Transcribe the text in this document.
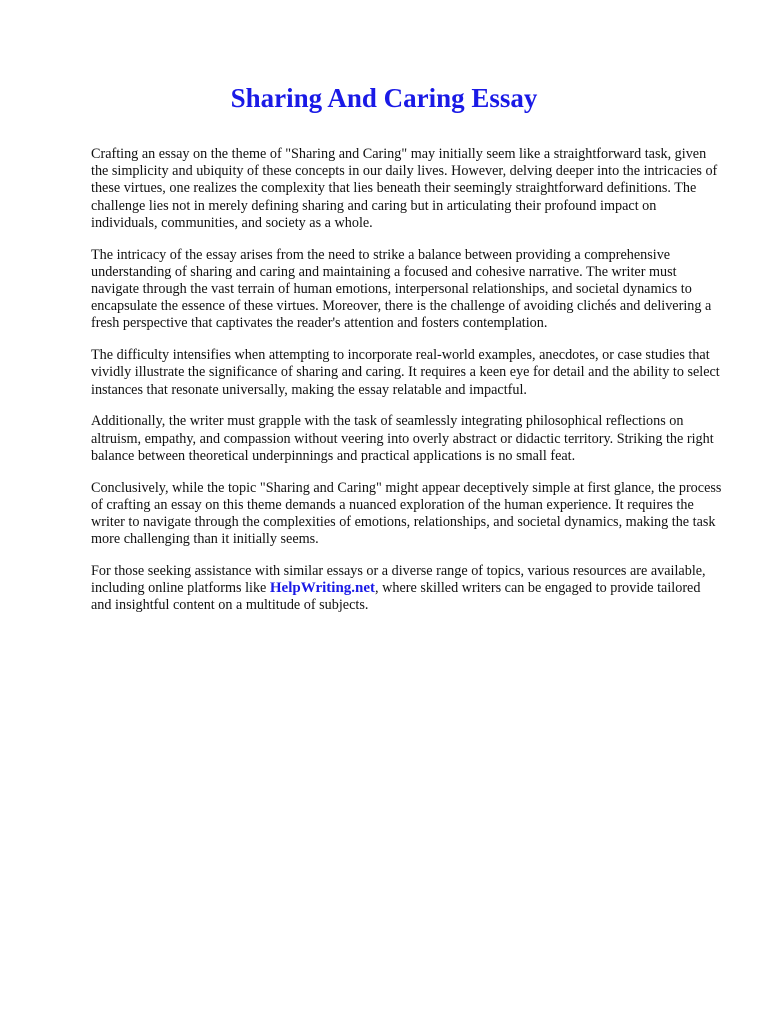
Sharing And Caring Essay

Crafting an essay on the theme of "Sharing and Caring" may initially seem like a straightforward task, given the simplicity and ubiquity of these concepts in our daily lives. However, delving deeper into the intricacies of these virtues, one realizes the complexity that lies beneath their seemingly straightforward definitions. The challenge lies not in merely defining sharing and caring but in articulating their profound impact on individuals, communities, and society as a whole.

The intricacy of the essay arises from the need to strike a balance between providing a comprehensive understanding of sharing and caring and maintaining a focused and cohesive narrative. The writer must navigate through the vast terrain of human emotions, interpersonal relationships, and societal dynamics to encapsulate the essence of these virtues. Moreover, there is the challenge of avoiding clichés and delivering a fresh perspective that captivates the reader's attention and fosters contemplation.

The difficulty intensifies when attempting to incorporate real-world examples, anecdotes, or case studies that vividly illustrate the significance of sharing and caring. It requires a keen eye for detail and the ability to select instances that resonate universally, making the essay relatable and impactful.

Additionally, the writer must grapple with the task of seamlessly integrating philosophical reflections on altruism, empathy, and compassion without veering into overly abstract or didactic territory. Striking the right balance between theoretical underpinnings and practical applications is no small feat.

Conclusively, while the topic "Sharing and Caring" might appear deceptively simple at first glance, the process of crafting an essay on this theme demands a nuanced exploration of the human experience. It requires the writer to navigate through the complexities of emotions, relationships, and societal dynamics, making the task more challenging than it initially seems.

For those seeking assistance with similar essays or a diverse range of topics, various resources are available, including online platforms like HelpWriting.net, where skilled writers can be engaged to provide tailored and insightful content on a multitude of subjects.
